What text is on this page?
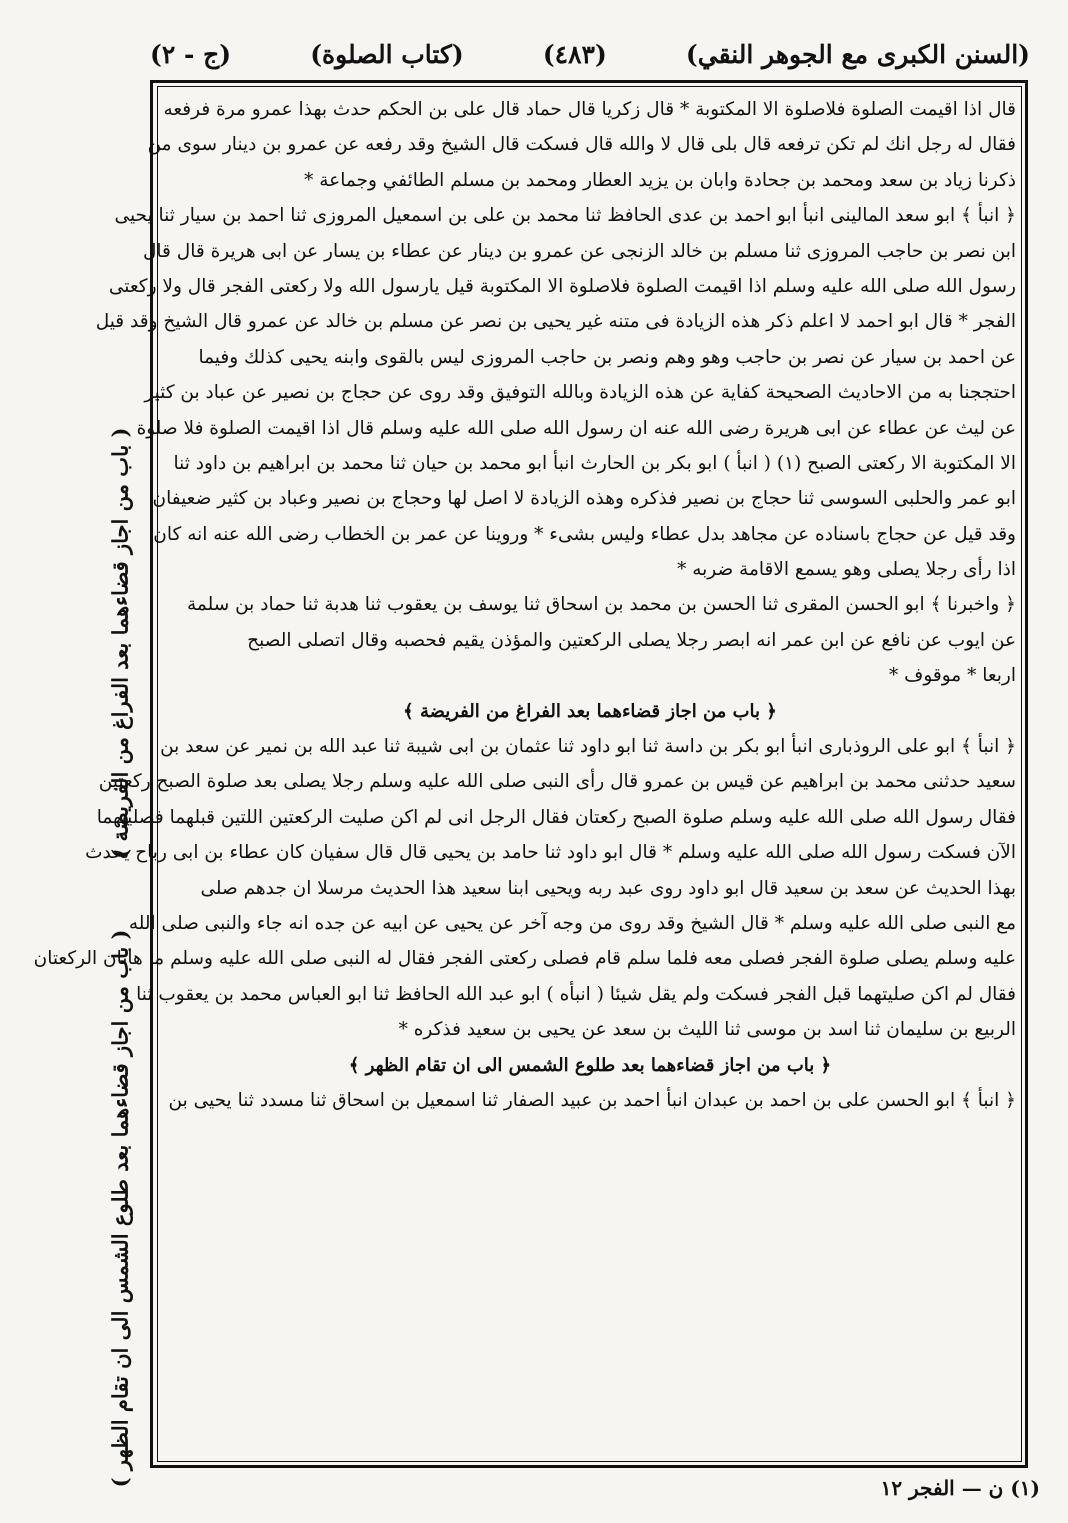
(السنن الكبرى مع الجوهر النقي)
(٤٨٣)
(كتاب الصلوة)
(ج - ٢)
قال اذا اقيمت الصلوة فلاصلوة الا المكتوبة * قال زكريا قال حماد قال على بن الحكم حدث بهذا عمرو مرة فرفعه
فقال له رجل انك لم تكن ترفعه قال بلى قال لا والله قال فسكت قال الشيخ وقد رفعه عن عمرو بن دينار سوى من
ذكرنا زياد بن سعد ومحمد بن جحادة وابان بن يزيد العطار ومحمد بن مسلم الطائفي وجماعة *
﴿ انبأ ﴾ ابو سعد المالينى انبأ ابو احمد بن عدى الحافظ ثنا محمد بن على بن اسمعيل المروزى ثنا احمد بن سيار ثنا يحيى
ابن نصر بن حاجب المروزى ثنا مسلم بن خالد الزنجى عن عمرو بن دينار عن عطاء بن يسار عن ابى هريرة قال قال
رسول الله صلى الله عليه وسلم اذا اقيمت الصلوة فلاصلوة الا المكتوبة قيل يارسول الله ولا ركعتى الفجر قال ولا ركعتى
الفجر * قال ابو احمد لا اعلم ذكر هذه الزيادة فى متنه غير يحيى بن نصر عن مسلم بن خالد عن عمرو قال الشيخ وقد قيل
عن احمد بن سيار عن نصر بن حاجب وهو وهم ونصر بن حاجب المروزى ليس بالقوى وابنه يحيى كذلك وفيما
احتججنا به من الاحاديث الصحيحة كفاية عن هذه الزيادة وبالله التوفيق وقد روى عن حجاج بن نصير عن عباد بن كثير
عن ليث عن عطاء عن ابى هريرة رضى الله عنه ان رسول الله صلى الله عليه وسلم قال اذا اقيمت الصلوة فلا صلوة
الا المكتوبة الا ركعتى الصبح (١) ( انبأ ) ابو بكر بن الحارث انبأ ابو محمد بن حيان ثنا محمد بن ابراهيم بن داود ثنا
ابو عمر والحلبى السوسى ثنا حجاج بن نصير فذكره وهذه الزيادة لا اصل لها وحجاج بن نصير وعباد بن كثير ضعيفان
وقد قيل عن حجاج باسناده عن مجاهد بدل عطاء وليس بشىء * وروينا عن عمر بن الخطاب رضى الله عنه انه كان
اذا رأى رجلا يصلى وهو يسمع الاقامة ضربه *
﴿ واخبرنا ﴾ ابو الحسن المقرى ثنا الحسن بن محمد بن اسحاق ثنا يوسف بن يعقوب ثنا هدبة ثنا حماد بن سلمة
عن ايوب عن نافع عن ابن عمر انه ابصر رجلا يصلى الركعتين والمؤذن يقيم فحصبه وقال اتصلى الصبح
اربعا * موقوف *
﴿ باب من اجاز قضاءهما بعد الفراغ من الفريضة ﴾
﴿ انبأ ﴾ ابو على الروذبارى انبأ ابو بكر بن داسة ثنا ابو داود ثنا عثمان بن ابى شيبة ثنا عبد الله بن نمير عن سعد بن
سعيد حدثنى محمد بن ابراهيم عن قيس بن عمرو قال رأى النبى صلى الله عليه وسلم رجلا يصلى بعد صلوة الصبح ركعتين
فقال رسول الله صلى الله عليه وسلم صلوة الصبح ركعتان فقال الرجل انى لم اكن صليت الركعتين اللتين قبلهما فصليتهما
الآن فسكت رسول الله صلى الله عليه وسلم * قال ابو داود ثنا حامد بن يحيى قال قال سفيان كان عطاء بن ابى رباح يحدث
بهذا الحديث عن سعد بن سعيد قال ابو داود روى عبد ربه ويحيى ابنا سعيد هذا الحديث مرسلا ان جدهم صلى
مع النبى صلى الله عليه وسلم * قال الشيخ وقد روى من وجه آخر عن يحيى عن ابيه عن جده انه جاء والنبى صلى الله
عليه وسلم يصلى صلوة الفجر فصلى معه فلما سلم قام فصلى ركعتى الفجر فقال له النبى صلى الله عليه وسلم ما هاتان الركعتان
فقال لم اكن صليتهما قبل الفجر فسكت ولم يقل شيئا ( انبأه ) ابو عبد الله الحافظ ثنا ابو العباس محمد بن يعقوب ثنا
الربيع بن سليمان ثنا اسد بن موسى ثنا الليث بن سعد عن يحيى بن سعيد فذكره *
﴿ باب من اجاز قضاءهما بعد طلوع الشمس الى ان تقام الظهر ﴾
﴿ انبأ ﴾ ابو الحسن على بن احمد بن عبدان انبأ احمد بن عبيد الصفار ثنا اسمعيل بن اسحاق ثنا مسدد ثنا يحيى بن
( باب من اجاز قضاءهما بعد الفراغ من الفريضة )
( باب من اجاز قضاءهما بعد طلوع الشمس الى ان تقام الظهر )
(١) ن — الفجر ١٢
